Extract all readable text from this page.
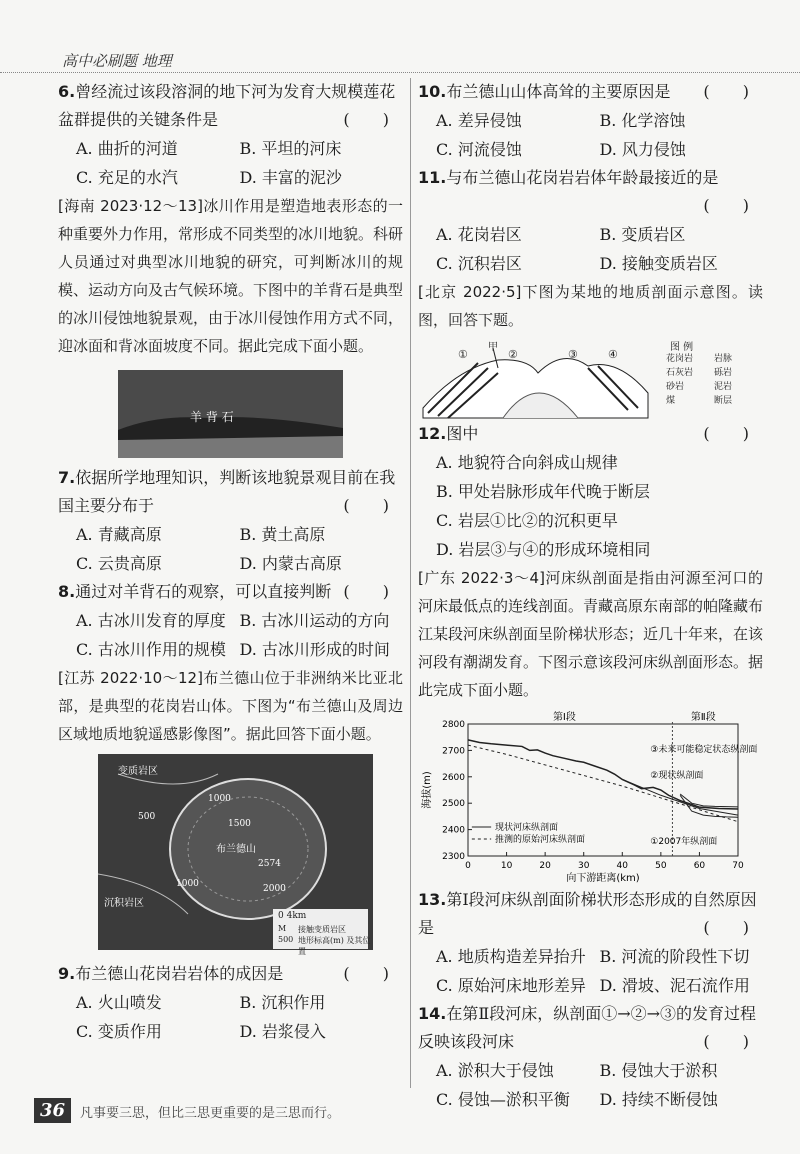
高中必刷题 地理
6.曾经流过该段溶洞的地下河为发育大规模莲花盆群提供的关键条件是	( )
A. 曲折的河道	B. 平坦的河床
C. 充足的水汽	D. 丰富的泥沙
[海南 2023·12～13]冰川作用是塑造地表形态的一种重要外力作用，常形成不同类型的冰川地貌。科研人员通过对典型冰川地貌的研究，可判断冰川的规模、运动方向及古气候环境。下图中的羊背石是典型的冰川侵蚀地貌景观，由于冰川侵蚀作用方式不同，迎冰面和背冰面坡度不同。据此完成下面小题。
羊 背 石
7.依据所学地理知识，判断该地貌景观目前在我国主要分布于	( )
A. 青藏高原	B. 黄土高原
C. 云贵高原	D. 内蒙古高原
8.通过对羊背石的观察，可以直接判断 ( )
A. 古冰川发育的厚度 B. 古冰川运动的方向
C. 古冰川作用的规模 D. 古冰川形成的时间
[江苏 2022·10～12]布兰德山位于非洲纳米比亚北部，是典型的花岗岩山体。下图为“布兰德山及周边区域地质地貌遥感影像图”。据此回答下面小题。
变质岩区
沉积岩区
布兰德山
2574
500
1000
1500
2000
1000
0 4km
M 接触变质岩区
500 地形标高(m) 及其位置
9.布兰德山花岗岩岩体的成因是	( )
A. 火山喷发	B. 沉积作用
C. 变质作用	D. 岩浆侵入
10.布兰德山山体高耸的主要原因是 ( )
A. 差异侵蚀	B. 化学溶蚀
C. 河流侵蚀	D. 风力侵蚀
11.与布兰德山花岗岩岩体年龄最接近的是
( )
A. 花岗岩区	B. 变质岩区
C. 沉积岩区	D. 接触变质岩区
[北京 2022·5]下图为某地的地质剖面示意图。读图，回答下题。
甲
①	②	③	④
图 例
花岗岩	岩脉
石灰岩	砾岩
砂岩	泥岩
煤	断层
12.图中	( )
A. 地貌符合向斜成山规律
B. 甲处岩脉形成年代晚于断层
C. 岩层①比②的沉积更早
D. 岩层③与④的形成环境相同
[广东 2022·3～4]河床纵剖面是指由河源至河口的河床最低点的连线剖面。青藏高原东南部的帕隆藏布江某段河床纵剖面呈阶梯状形态；近几十年来，在该河段有潮湖发育。下图示意该段河床纵剖面形态。据此完成下面小题。
0	10	20	30	40	50	60	70
2300
2400
2500
2600
2700
2800
向下游距离(km)
海拔(m)
第Ⅰ段	第Ⅱ段
③未来可能稳定状态纵剖面
②现状纵剖面
①2007年纵剖面
现状河床纵剖面
推测的原始河床纵剖面
13.第Ⅰ段河床纵剖面阶梯状形态形成的自然原因是	( )
A. 地质构造差异抬升 B. 河流的阶段性下切
C. 原始河床地形差异 D. 滑坡、泥石流作用
14.在第Ⅱ段河床，纵剖面①→②→③的发育过程反映该段河床	( )
A. 淤积大于侵蚀	B. 侵蚀大于淤积
C. 侵蚀—淤积平衡	D. 持续不断侵蚀
36	凡事要三思，但比三思更重要的是三思而行。
